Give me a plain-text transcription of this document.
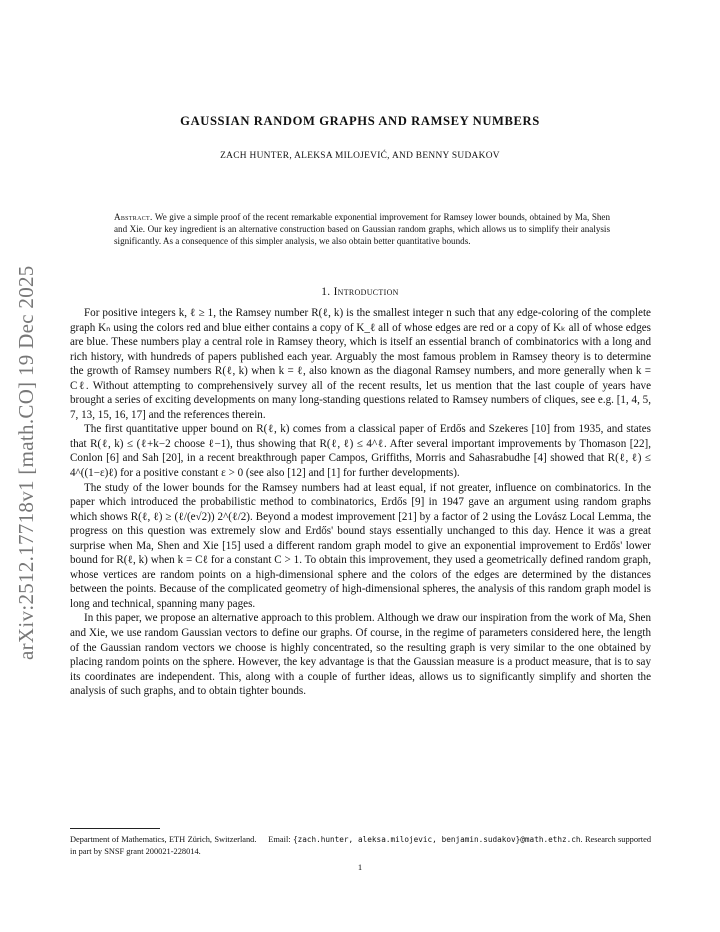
arXiv:2512.17718v1 [math.CO] 19 Dec 2025
GAUSSIAN RANDOM GRAPHS AND RAMSEY NUMBERS
ZACH HUNTER, ALEKSA MILOJEVIĆ, AND BENNY SUDAKOV
Abstract. We give a simple proof of the recent remarkable exponential improvement for Ramsey lower bounds, obtained by Ma, Shen and Xie. Our key ingredient is an alternative construction based on Gaussian random graphs, which allows us to simplify their analysis significantly. As a consequence of this simpler analysis, we also obtain better quantitative bounds.
1. Introduction

For positive integers k, ℓ ≥ 1, the Ramsey number R(ℓ, k) is the smallest integer n such that any edge-coloring of the complete graph Kₙ using the colors red and blue either contains a copy of K_ℓ all of whose edges are red or a copy of Kₖ all of whose edges are blue. These numbers play a central role in Ramsey theory, which is itself an essential branch of combinatorics with a long and rich history, with hundreds of papers published each year. Arguably the most famous problem in Ramsey theory is to determine the growth of Ramsey numbers R(ℓ, k) when k = ℓ, also known as the diagonal Ramsey numbers, and more generally when k = Cℓ. Without attempting to comprehensively survey all of the recent results, let us mention that the last couple of years have brought a series of exciting developments on many long-standing questions related to Ramsey numbers of cliques, see e.g. [1, 4, 5, 7, 13, 15, 16, 17] and the references therein.

The first quantitative upper bound on R(ℓ, k) comes from a classical paper of Erdős and Szekeres [10] from 1935, and states that R(ℓ, k) ≤ (ℓ+k−2 choose ℓ−1), thus showing that R(ℓ, ℓ) ≤ 4^ℓ. After several important improvements by Thomason [22], Conlon [6] and Sah [20], in a recent breakthrough paper Campos, Griffiths, Morris and Sahasrabudhe [4] showed that R(ℓ, ℓ) ≤ 4^((1−ε)ℓ) for a positive constant ε > 0 (see also [12] and [1] for further developments).

The study of the lower bounds for the Ramsey numbers had at least equal, if not greater, influence on combinatorics. In the paper which introduced the probabilistic method to combinatorics, Erdős [9] in 1947 gave an argument using random graphs which shows R(ℓ, ℓ) ≥ (ℓ/(e√2)) 2^(ℓ/2). Beyond a modest improvement [21] by a factor of 2 using the Lovász Local Lemma, the progress on this question was extremely slow and Erdős' bound stays essentially unchanged to this day. Hence it was a great surprise when Ma, Shen and Xie [15] used a different random graph model to give an exponential improvement to Erdős' lower bound for R(ℓ, k) when k = Cℓ for a constant C > 1. To obtain this improvement, they used a geometrically defined random graph, whose vertices are random points on a high-dimensional sphere and the colors of the edges are determined by the distances between the points. Because of the complicated geometry of high-dimensional spheres, the analysis of this random graph model is long and technical, spanning many pages.

In this paper, we propose an alternative approach to this problem. Although we draw our inspiration from the work of Ma, Shen and Xie, we use random Gaussian vectors to define our graphs. Of course, in the regime of parameters considered here, the length of the Gaussian random vectors we choose is highly concentrated, so the resulting graph is very similar to the one obtained by placing random points on the sphere. However, the key advantage is that the Gaussian measure is a product measure, that is to say its coordinates are independent. This, along with a couple of further ideas, allows us to significantly simplify and shorten the analysis of such graphs, and to obtain tighter bounds.

Department of Mathematics, ETH Zürich, Switzerland. Email: {zach.hunter, aleksa.milojevic, benjamin.sudakov}@math.ethz.ch. Research supported in part by SNSF grant 200021-228014.
1
